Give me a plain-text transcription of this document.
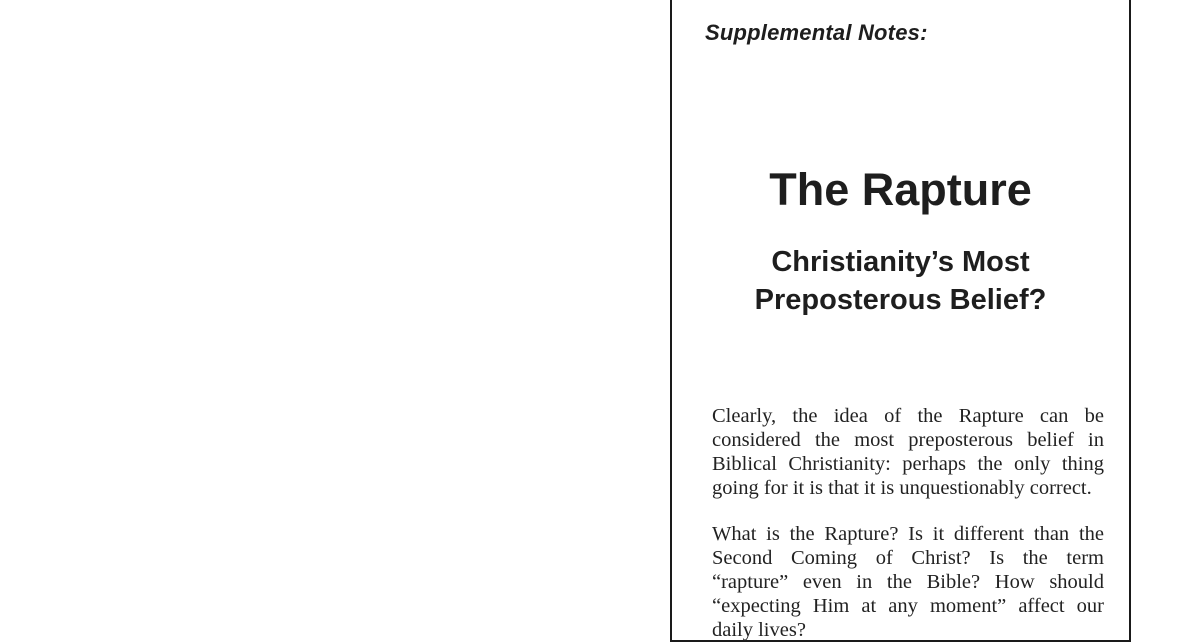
Supplemental Notes:
The Rapture
Christianity’s Most
Preposterous Belief?

Clearly, the idea of the Rapture can be considered the most preposterous belief in Biblical Christianity: perhaps the only thing going for it is that it is unquestionably correct.

What is the Rapture? Is it different than the Second Coming of Christ? Is the term “rapture” even in the Bible? How should “expecting Him at any moment” affect our daily lives?
